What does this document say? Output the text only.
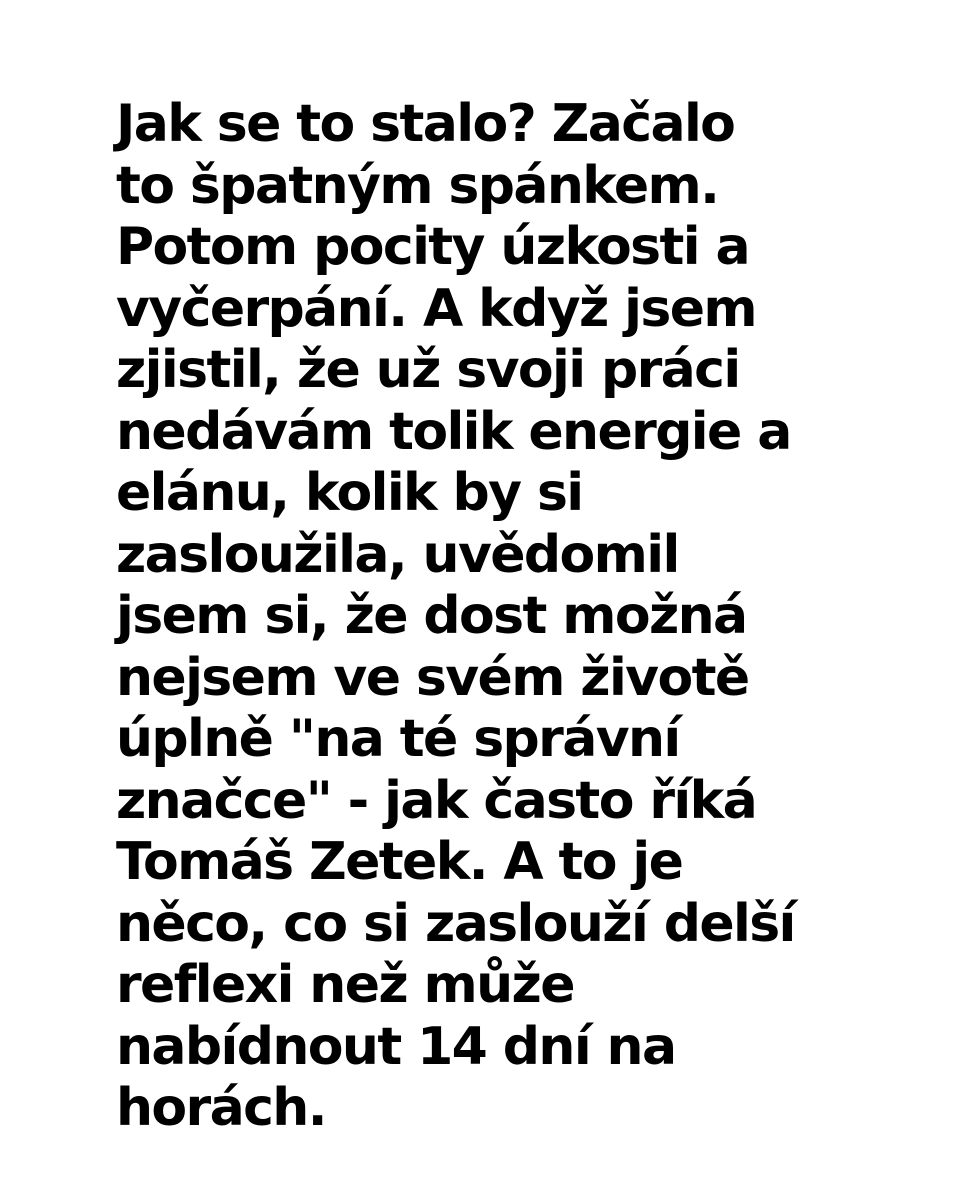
Jak se to stalo? Začalo
to špatným spánkem.
Potom pocity úzkosti a
vyčerpání. A když jsem
zjistil, že už svoji práci
nedávám tolik energie a
elánu, kolik by si
zasloužila, uvědomil
jsem si, že dost možná
nejsem ve svém životě
úplně "na té správní
značce" - jak často říká
Tomáš Zetek. A to je
něco, co si zaslouží delší
reflexi než může
nabídnout 14 dní na
horách.
